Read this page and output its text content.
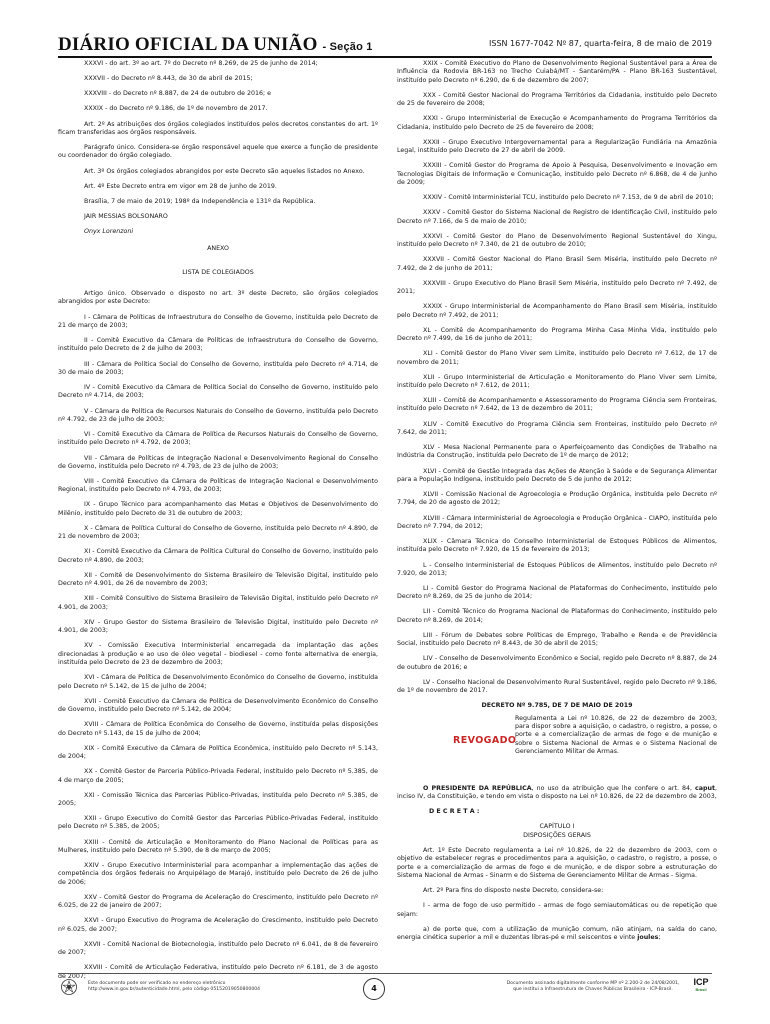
DIÁRIO OFICIAL DA UNIÃO - Seção 1	ISSN 1677-7042 Nº 87, quarta-feira, 8 de maio de 2019

XXXVI - do art. 3º ao art. 7º do Decreto nº 8.269, de 25 de junho de 2014;

XXXVII - do Decreto nº 8.443, de 30 de abril de 2015;

XXXVIII - do Decreto nº 8.887, de 24 de outubro de 2016; e

XXXIX - do Decreto nº 9.186, de 1º de novembro de 2017.

Art. 2º As atribuições dos órgãos colegiados instituídos pelos decretos constantes do art. 1º ficam transferidas aos órgãos responsáveis.

Parágrafo único. Considera-se órgão responsável aquele que exerce a função de presidente ou coordenador do órgão colegiado.

Art. 3º Os órgãos colegiados abrangidos por este Decreto são aqueles listados no Anexo.

Art. 4º Este Decreto entra em vigor em 28 de junho de 2019.

Brasília, 7 de maio de 2019; 198º da Independência e 131º da República.

JAIR MESSIAS BOLSONARO

Onyx Lorenzoni

ANEXO

LISTA DE COLEGIADOS

Artigo único. Observado o disposto no art. 3º deste Decreto, são órgãos colegiados abrangidos por este Decreto:

I - Câmara de Políticas de Infraestrutura do Conselho de Governo, instituída pelo Decreto de 21 de março de 2003;

II - Comitê Executivo da Câmara de Políticas de Infraestrutura do Conselho de Governo, instituído pelo Decreto de 2 de julho de 2003;

III - Câmara de Política Social do Conselho de Governo, instituída pelo Decreto nº 4.714, de 30 de maio de 2003;

IV - Comitê Executivo da Câmara de Política Social do Conselho de Governo, instituído pelo Decreto nº 4.714, de 2003;

V - Câmara de Política de Recursos Naturais do Conselho de Governo, instituída pelo Decreto nº 4.792, de 23 de julho de 2003;

VI - Comitê Executivo da Câmara de Política de Recursos Naturais do Conselho de Governo, instituído pelo Decreto nº 4.792, de 2003;

VII - Câmara de Políticas de Integração Nacional e Desenvolvimento Regional do Conselho de Governo, instituída pelo Decreto nº 4.793, de 23 de julho de 2003;

VIII - Comitê Executivo da Câmara de Políticas de Integração Nacional e Desenvolvimento Regional, instituído pelo Decreto nº 4.793, de 2003;

IX - Grupo Técnico para acompanhamento das Metas e Objetivos de Desenvolvimento do Milênio, instituído pelo Decreto de 31 de outubro de 2003;

X - Câmara de Política Cultural do Conselho de Governo, instituída pelo Decreto nº 4.890, de 21 de novembro de 2003;

XI - Comitê Executivo da Câmara de Política Cultural do Conselho de Governo, instituído pelo Decreto nº 4.890, de 2003;

XII - Comitê de Desenvolvimento do Sistema Brasileiro de Televisão Digital, instituído pelo Decreto nº 4.901, de 26 de novembro de 2003;

XIII - Comitê Consultivo do Sistema Brasileiro de Televisão Digital, instituído pelo Decreto nº 4.901, de 2003;

XIV - Grupo Gestor do Sistema Brasileiro de Televisão Digital, instituído pelo Decreto nº 4.901, de 2003;

XV - Comissão Executiva Interministerial encarregada da implantação das ações direcionadas à produção e ao uso de óleo vegetal - biodiesel - como fonte alternativa de energia, instituída pelo Decreto de 23 de dezembro de 2003;

XVI - Câmara de Política de Desenvolvimento Econômico do Conselho de Governo, instituída pelo Decreto nº 5.142, de 15 de julho de 2004;

XVII - Comitê Executivo da Câmara de Política de Desenvolvimento Econômico do Conselho de Governo, instituído pelo Decreto nº 5.142, de 2004;

XVIII - Câmara de Política Econômica do Conselho de Governo, instituída pelas disposições do Decreto nº 5.143, de 15 de julho de 2004;

XIX - Comitê Executivo da Câmara de Política Econômica, instituído pelo Decreto nº 5.143, de 2004;

XX - Comitê Gestor de Parceria Público-Privada Federal, instituído pelo Decreto nº 5.385, de 4 de março de 2005;

XXI - Comissão Técnica das Parcerias Público-Privadas, instituída pelo Decreto nº 5.385, de 2005;

XXII - Grupo Executivo do Comitê Gestor das Parcerias Público-Privadas Federal, instituído pelo Decreto nº 5.385, de 2005;

XXIII - Comitê de Articulação e Monitoramento do Plano Nacional de Políticas para as Mulheres, instituído pelo Decreto nº 5.390, de 8 de março de 2005;

XXIV - Grupo Executivo Interministerial para acompanhar a implementação das ações de competência dos órgãos federais no Arquipélago de Marajó, instituído pelo Decreto de 26 de julho de 2006;

XXV - Comitê Gestor do Programa de Aceleração do Crescimento, instituído pelo Decreto nº 6.025, de 22 de janeiro de 2007;

XXVI - Grupo Executivo do Programa de Aceleração do Crescimento, instituído pelo Decreto nº 6.025, de 2007;

XXVII - Comitê Nacional de Biotecnologia, instituído pelo Decreto nº 6.041, de 8 de fevereiro de 2007;

XXVIII - Comitê de Articulação Federativa, instituído pelo Decreto nº 6.181, de 3 de agosto de 2007;

XXIX - Comitê Executivo do Plano de Desenvolvimento Regional Sustentável para a Área de Influência da Rodovia BR-163 no Trecho Cuiabá/MT - Santarém/PA - Plano BR-163 Sustentável, instituído pelo Decreto nº 6.290, de 6 de dezembro de 2007;

XXX - Comitê Gestor Nacional do Programa Territórios da Cidadania, instituído pelo Decreto de 25 de fevereiro de 2008;

XXXI - Grupo Interministerial de Execução e Acompanhamento do Programa Territórios da Cidadania, instituído pelo Decreto de 25 de fevereiro de 2008;

XXXII - Grupo Executivo Intergovernamental para a Regularização Fundiária na Amazônia Legal, instituído pelo Decreto de 27 de abril de 2009.

XXXIII - Comitê Gestor do Programa de Apoio à Pesquisa, Desenvolvimento e Inovação em Tecnologias Digitais de Informação e Comunicação, instituído pelo Decreto nº 6.868, de 4 de junho de 2009;

XXXIV - Comitê Interministerial TCU, instituído pelo Decreto nº 7.153, de 9 de abril de 2010;

XXXV - Comitê Gestor do Sistema Nacional de Registro de Identificação Civil, instituído pelo Decreto nº 7.166, de 5 de maio de 2010;

XXXVI - Comitê Gestor do Plano de Desenvolvimento Regional Sustentável do Xingu, instituído pelo Decreto nº 7.340, de 21 de outubro de 2010;

XXXVII - Comitê Gestor Nacional do Plano Brasil Sem Miséria, instituído pelo Decreto nº 7.492, de 2 de junho de 2011;

XXXVIII - Grupo Executivo do Plano Brasil Sem Miséria, instituído pelo Decreto nº 7.492, de 2011;

XXXIX - Grupo Interministerial de Acompanhamento do Plano Brasil sem Miséria, instituído pelo Decreto nº 7.492, de 2011;

XL - Comitê de Acompanhamento do Programa Minha Casa Minha Vida, instituído pelo Decreto nº 7.499, de 16 de junho de 2011;

XLI - Comitê Gestor do Plano Viver sem Limite, instituído pelo Decreto nº 7.612, de 17 de novembro de 2011;

XLII - Grupo Interministerial de Articulação e Monitoramento do Plano Viver sem Limite, instituído pelo Decreto nº 7.612, de 2011;

XLIII - Comitê de Acompanhamento e Assessoramento do Programa Ciência sem Fronteiras, instituído pelo Decreto nº 7.642, de 13 de dezembro de 2011;

XLIV - Comitê Executivo do Programa Ciência sem Fronteiras, instituído pelo Decreto nº 7.642, de 2011;

XLV - Mesa Nacional Permanente para o Aperfeiçoamento das Condições de Trabalho na Indústria da Construção, instituída pelo Decreto de 1º de março de 2012;

XLVI - Comitê de Gestão Integrada das Ações de Atenção à Saúde e de Segurança Alimentar para a População Indígena, instituído pelo Decreto de 5 de junho de 2012;

XLVII - Comissão Nacional de Agroecologia e Produção Orgânica, instituída pelo Decreto nº 7.794, de 20 de agosto de 2012;

XLVIII - Câmara Interministerial de Agroecologia e Produção Orgânica - CIAPO, instituída pelo Decreto nº 7.794, de 2012;

XLIX - Câmara Técnica do Conselho Interministerial de Estoques Públicos de Alimentos, instituída pelo Decreto nº 7.920, de 15 de fevereiro de 2013;

L - Conselho Interministerial de Estoques Públicos de Alimentos, instituído pelo Decreto nº 7.920, de 2013;

LI - Comitê Gestor do Programa Nacional de Plataformas do Conhecimento, instituído pelo Decreto nº 8.269, de 25 de junho de 2014;

LII - Comitê Técnico do Programa Nacional de Plataformas do Conhecimento, instituído pelo Decreto nº 8.269, de 2014;

LIII - Fórum de Debates sobre Políticas de Emprego, Trabalho e Renda e de Previdência Social, instituído pelo Decreto nº 8.443, de 30 de abril de 2015;

LIV - Conselho de Desenvolvimento Econômico e Social, regido pelo Decreto nº 8.887, de 24 de outubro de 2016; e

LV - Conselho Nacional de Desenvolvimento Rural Sustentável, regido pelo Decreto nº 9.186, de 1º de novembro de 2017.

DECRETO Nº 9.785, DE 7 DE MAIO DE 2019

REVOGADO
Regulamenta a Lei nº 10.826, de 22 de dezembro de 2003, para dispor sobre a aquisição, o cadastro, o registro, a posse, o porte e a comercialização de armas de fogo e de munição e sobre o Sistema Nacional de Armas e o Sistema Nacional de Gerenciamento Militar de Armas.

O PRESIDENTE DA REPÚBLICA, no uso da atribuição que lhe confere o art. 84, caput, inciso IV, da Constituição, e tendo em vista o disposto na Lei nº 10.826, de 22 de dezembro de 2003,

D E C R E T A :

CAPÍTULO I

DISPOSIÇÕES GERAIS

Art. 1º Este Decreto regulamenta a Lei nº 10.826, de 22 de dezembro de 2003, com o objetivo de estabelecer regras e procedimentos para a aquisição, o cadastro, o registro, a posse, o porte e a comercialização de armas de fogo e de munição, e de dispor sobre a estruturação do Sistema Nacional de Armas - Sinarm e do Sistema de Gerenciamento Militar de Armas - Sigma.

Art. 2º Para fins do disposto neste Decreto, considera-se:

I - arma de fogo de uso permitido - armas de fogo semiautomáticas ou de repetição que sejam:

a) de porte que, com a utilização de munição comum, não atinjam, na saída do cano, energia cinética superior a mil e duzentas libras-pé e mil seiscentos e vinte joules;

Este documento pode ser verificado no endereço eletrônico
http://www.in.gov.br/autenticidade.html, pelo código 05152019050800004	4
Documento assinado digitalmente conforme MP nº 2.200-2 de 24/08/2001,
que institui a Infraestrutura de Chaves Públicas Brasileira - ICP-Brasil.
ICP
Brasil
